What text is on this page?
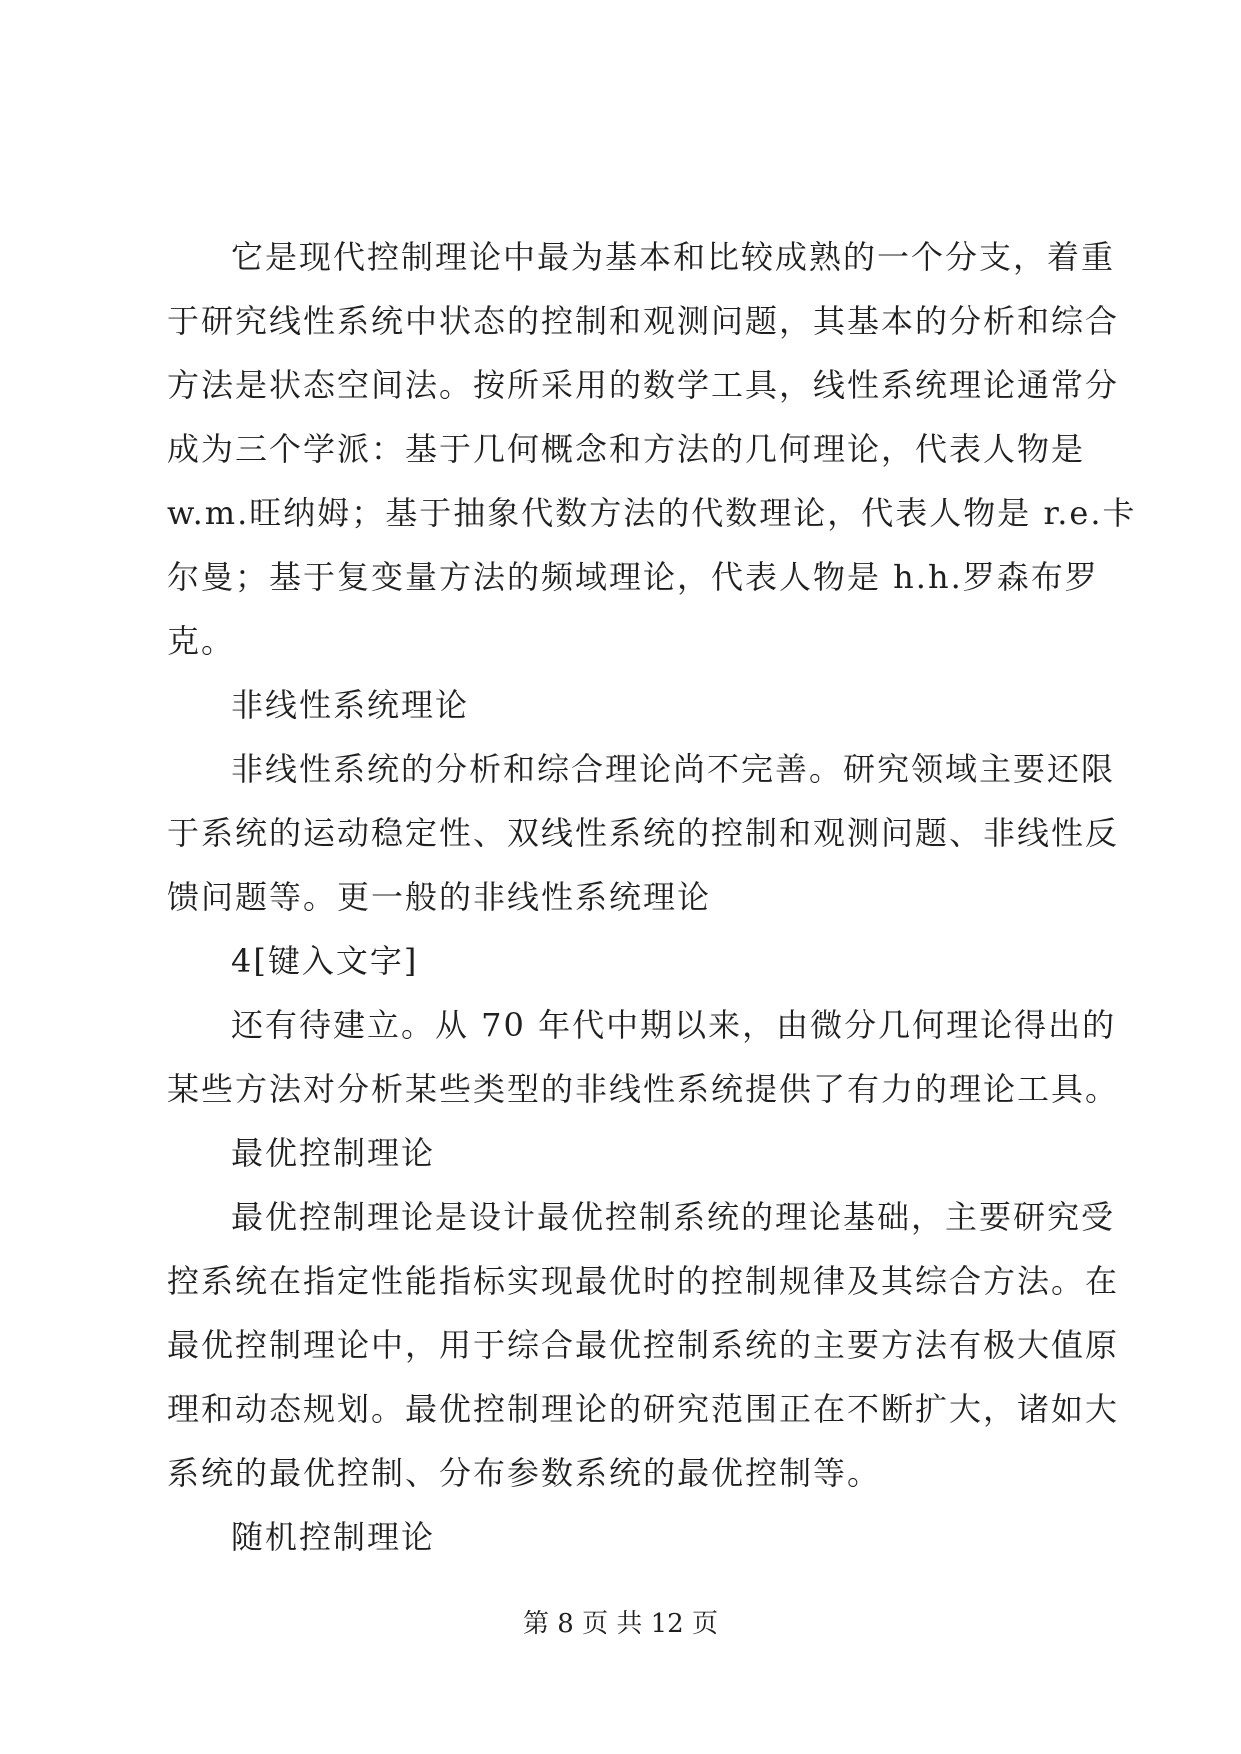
它是现代控制理论中最为基本和比较成熟的一个分支，着重
于研究线性系统中状态的控制和观测问题，其基本的分析和综合
方法是状态空间法。按所采用的数学工具，线性系统理论通常分
成为三个学派：基于几何概念和方法的几何理论，代表人物是
w.m.旺纳姆；基于抽象代数方法的代数理论，代表人物是 r.e.卡
尔曼；基于复变量方法的频域理论，代表人物是 h.h.罗森布罗
克。
非线性系统理论
非线性系统的分析和综合理论尚不完善。研究领域主要还限
于系统的运动稳定性、双线性系统的控制和观测问题、非线性反
馈问题等。更一般的非线性系统理论
4[键入文字]
还有待建立。从 70 年代中期以来，由微分几何理论得出的
某些方法对分析某些类型的非线性系统提供了有力的理论工具。
最优控制理论
最优控制理论是设计最优控制系统的理论基础，主要研究受
控系统在指定性能指标实现最优时的控制规律及其综合方法。在
最优控制理论中，用于综合最优控制系统的主要方法有极大值原
理和动态规划。最优控制理论的研究范围正在不断扩大，诸如大
系统的最优控制、分布参数系统的最优控制等。
随机控制理论
第 8 页 共 12 页
